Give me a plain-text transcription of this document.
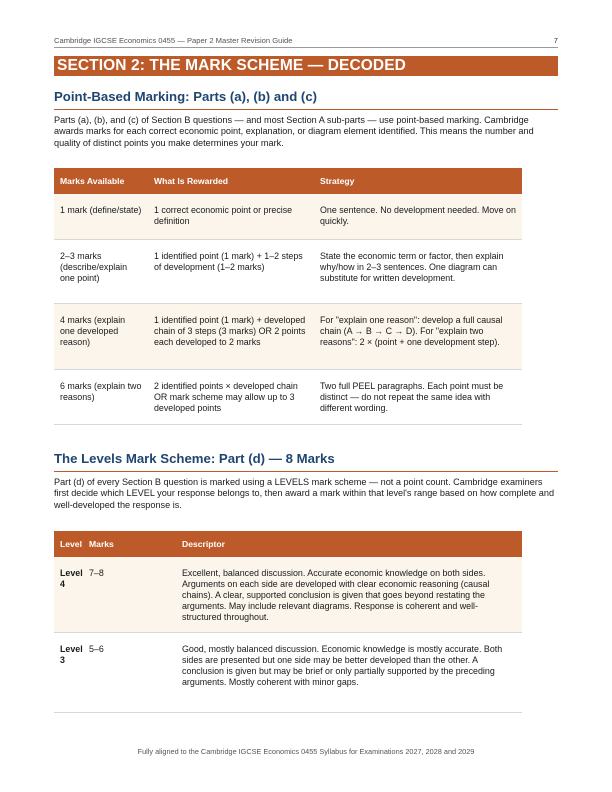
Cambridge IGCSE Economics 0455 — Paper 2 Master Revision Guide	7
SECTION 2: THE MARK SCHEME — DECODED
Point-Based Marking: Parts (a), (b) and (c)

Parts (a), (b), and (c) of Section B questions — and most Section A sub-parts — use point-based marking. Cambridge awards marks for each correct economic point, explanation, or diagram element identified. This means the number and quality of distinct points you make determines your mark.

Marks Available	What Is Rewarded	Strategy
1 mark (define/state)	1 correct economic point or precise definition	One sentence. No development needed. Move on quickly.
2–3 marks (describe/explain one point)	1 identified point (1 mark) + 1–2 steps of development (1–2 marks)	State the economic term or factor, then explain why/how in 2–3 sentences. One diagram can substitute for written development.
4 marks (explain one developed reason)	1 identified point (1 mark) + developed chain of 3 steps (3 marks) OR 2 points each developed to 2 marks	For "explain one reason": develop a full causal chain (A → B → C → D). For "explain two reasons": 2 × (point + one development step).
6 marks (explain two reasons)	2 identified points × developed chain OR mark scheme may allow up to 3 developed points	Two full PEEL paragraphs. Each point must be distinct — do not repeat the same idea with different wording.
The Levels Mark Scheme: Part (d) — 8 Marks

Part (d) of every Section B question is marked using a LEVELS mark scheme — not a point count. Cambridge examiners first decide which LEVEL your response belongs to, then award a mark within that level's range based on how complete and well-developed the response is.

Level	Marks	Descriptor
Level 4	7–8	Excellent, balanced discussion. Accurate economic knowledge on both sides. Arguments on each side are developed with clear economic reasoning (causal chains). A clear, supported conclusion is given that goes beyond restating the arguments. May include relevant diagrams. Response is coherent and well-structured throughout.
Level 3	5–6	Good, mostly balanced discussion. Economic knowledge is mostly accurate. Both sides are presented but one side may be better developed than the other. A conclusion is given but may be brief or only partially supported by the preceding arguments. Mostly coherent with minor gaps.
Fully aligned to the Cambridge IGCSE Economics 0455 Syllabus for Examinations 2027, 2028 and 2029
